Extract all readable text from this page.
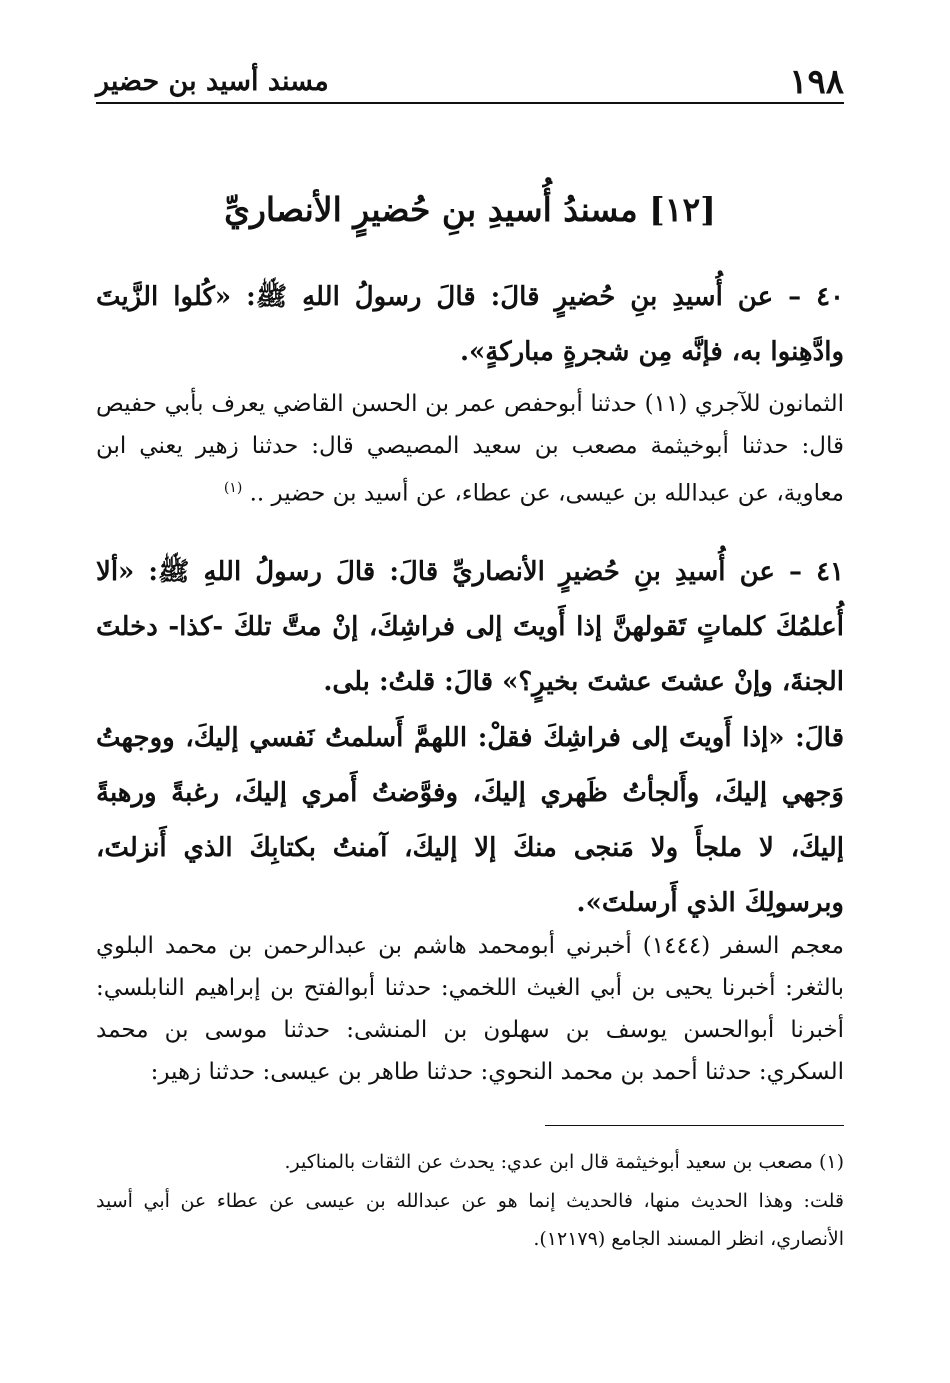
١٩٨
مسند أسيد بن حضير
[١٢] مسندُ أُسيدِ بنِ حُضيرٍ الأنصاريِّ

٤٠ – عن أُسيدِ بنِ حُضيرٍ قالَ: قالَ رسولُ اللهِ ﷺ: «كُلوا الزَّيتَ وادَّهِنوا به، فإنَّه مِن شجرةٍ مباركةٍ».

الثمانون للآجري (١١) حدثنا أبوحفص عمر بن الحسن القاضي يعرف بأبي حفيص قال: حدثنا أبوخيثمة مصعب بن سعيد المصيصي قال: حدثنا زهير يعني ابن معاوية، عن عبدالله بن عيسى، عن عطاء، عن أسيد بن حضير .. $^{(١)}$

٤١ – عن أُسيدِ بنِ حُضيرٍ الأنصاريِّ قالَ: قالَ رسولُ اللهِ ﷺ: «ألا أُعلمُكَ كلماتٍ تَقولهنَّ إذا أَويتَ إلى فراشِكَ، إنْ متَّ تلكَ -كذا- دخلتَ الجنةَ، وإنْ عشتَ عشتَ بخيرٍ؟» قالَ: قلتُ: بلى.

قالَ: «إذا أَويتَ إلى فراشِكَ فقلْ: اللهمَّ أَسلمتُ نَفسي إليكَ، ووجهتُ وَجهي إليكَ، وأَلجأتُ ظَهري إليكَ، وفوَّضتُ أَمري إليكَ، رغبةً ورهبةً إليكَ، لا ملجأَ ولا مَنجى منكَ إلا إليكَ، آمنتُ بكتابِكَ الذي أَنزلتَ، وبرسولِكَ الذي أَرسلتَ».

معجم السفر (١٤٤٤) أخبرني أبومحمد هاشم بن عبدالرحمن بن محمد البلوي بالثغر: أخبرنا يحيى بن أبي الغيث اللخمي: حدثنا أبوالفتح بن إبراهيم النابلسي: أخبرنا أبوالحسن يوسف بن سهلون بن المنشى: حدثنا موسى بن محمد السكري: حدثنا أحمد بن محمد النحوي: حدثنا طاهر بن عيسى: حدثنا زهير:

(١) مصعب بن سعيد أبوخيثمة قال ابن عدي: يحدث عن الثقات بالمناكير.

قلت: وهذا الحديث منها، فالحديث إنما هو عن عبدالله بن عيسى عن عطاء عن أبي أسيد الأنصاري، انظر المسند الجامع (١٢١٧٩).
